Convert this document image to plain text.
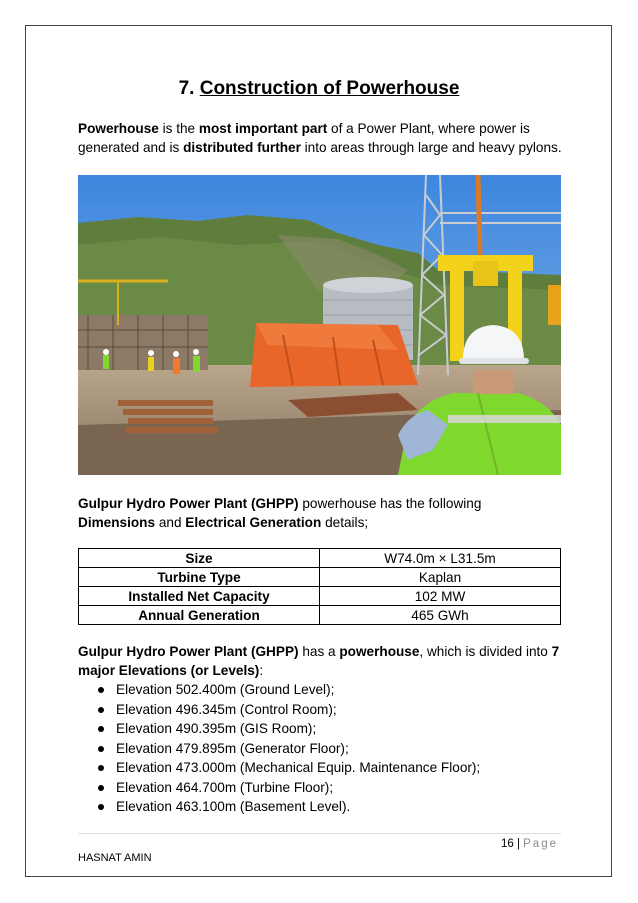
7. Construction of Powerhouse

Powerhouse is the most important part of a Power Plant, where power is generated and is distributed further into areas through large and heavy pylons.

Gulpur Hydro Power Plant (GHPP) powerhouse has the following Dimensions and Electrical Generation details;

Size	W74.0m × L31.5m
Turbine Type	Kaplan
Installed Net Capacity	102 MW
Annual Generation	465 GWh

Gulpur Hydro Power Plant (GHPP) has a powerhouse, which is divided into 7 major Elevations (or Levels):

Elevation 502.400m (Ground Level);
Elevation 496.345m (Control Room);
Elevation 490.395m (GIS Room);
Elevation 479.895m (Generator Floor);
Elevation 473.000m (Mechanical Equip. Maintenance Floor);
Elevation 464.700m (Turbine Floor);
Elevation 463.100m (Basement Level).
16 | Page
HASNAT AMIN
